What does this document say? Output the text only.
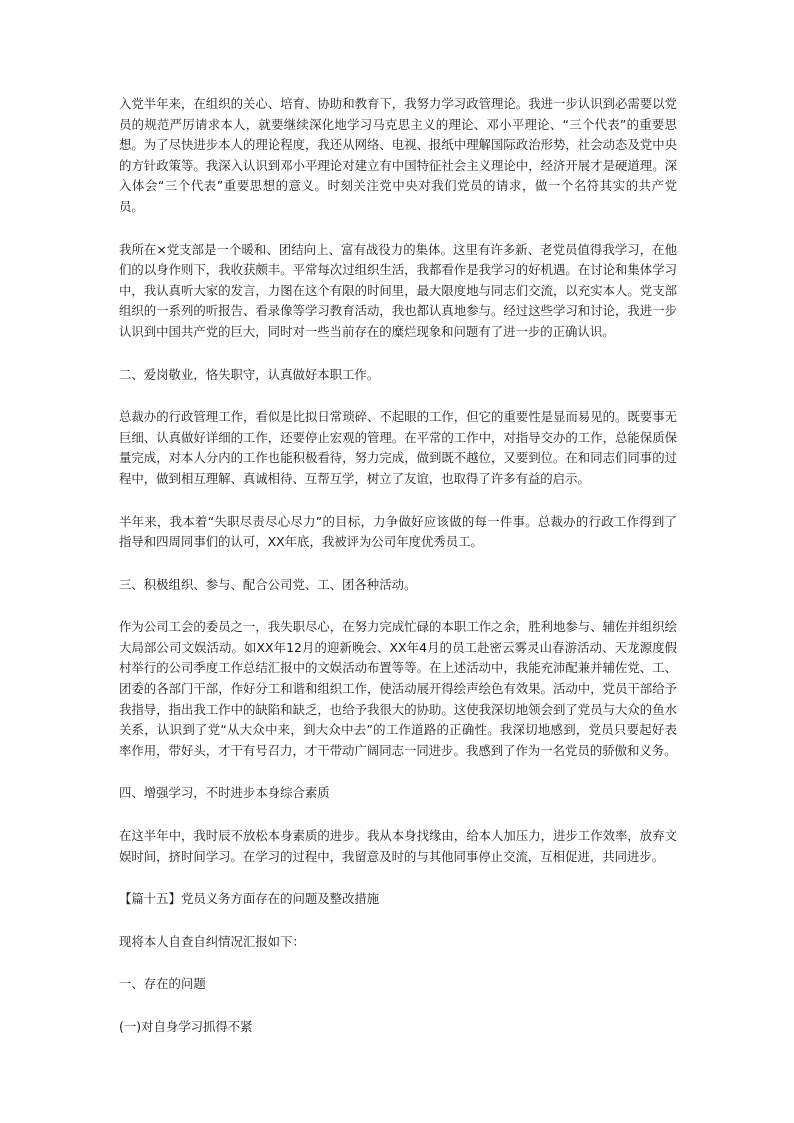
入党半年来，在组织的关心、培育、协助和教育下，我努力学习政管理论。我进一步认识到必需要以党员的规范严厉请求本人，就要继续深化地学习马克思主义的理论、邓小平理论、“三个代表”的重要思想。为了尽快进步本人的理论程度，我还从网络、电视、报纸中理解国际政治形势，社会动态及党中央的方针政策等。我深入认识到邓小平理论对建立有中国特征社会主义理论中，经济开展才是硬道理。深入体会“三个代表”重要思想的意义。时刻关注党中央对我们党员的请求，做一个名符其实的共产党员。

我所在×党支部是一个暖和、团结向上、富有战役力的集体。这里有许多新、老党员值得我学习，在他们的以身作则下，我收获颇丰。平常每次过组织生活，我都看作是我学习的好机遇。在讨论和集体学习中，我认真听大家的发言，力图在这个有限的时间里，最大限度地与同志们交流，以充实本人。党支部组织的一系列的听报告、看录像等学习教育活动，我也都认真地参与。经过这些学习和讨论，我进一步认识到中国共产党的巨大，同时对一些当前存在的糜烂现象和问题有了进一步的正确认识。

二、爱岗敬业，恪失职守，认真做好本职工作。

总裁办的行政管理工作，看似是比拟日常琐碎、不起眼的工作，但它的重要性是显而易见的。既要事无巨细、认真做好详细的工作，还要停止宏观的管理。在平常的工作中，对指导交办的工作，总能保质保量完成，对本人分内的工作也能积极看待，努力完成，做到既不越位，又要到位。在和同志们同事的过程中，做到相互理解、真诚相待、互帮互学，树立了友谊，也取得了许多有益的启示。

半年来，我本着“失职尽责尽心尽力”的目标，力争做好应该做的每一件事。总裁办的行政工作得到了指导和四周同事们的认可，XX年底，我被评为公司年度优秀员工。

三、积极组织、参与、配合公司党、工、团各种活动。

作为公司工会的委员之一，我失职尽心，在努力完成忙碌的本职工作之余，胜利地参与、辅佐并组织绘大局部公司文娱活动。如XX年12月的迎新晚会、XX年4月的员工赴密云雾灵山春游活动、天龙源度假村举行的公司季度工作总结汇报中的文娱活动布置等等。在上述活动中，我能充沛配兼并辅佐党、工、团委的各部门干部，作好分工和谐和组织工作，使活动展开得绘声绘色有效果。活动中，党员干部给予我指导，指出我工作中的缺陷和缺乏，也给予我很大的协助。这使我深切地领会到了党员与大众的鱼水关系，认识到了党“从大众中来，到大众中去”的工作道路的正确性。我深切地感到，党员只要起好表率作用，带好头，才干有号召力，才干带动广阔同志一同进步。我感到了作为一名党员的骄傲和义务。

四、增强学习，不时进步本身综合素质

在这半年中，我时辰不放松本身素质的进步。我从本身找缘由，给本人加压力，进步工作效率，放弃文娱时间，挤时间学习。在学习的过程中，我留意及时的与其他同事停止交流，互相促进，共同进步。

【篇十五】党员义务方面存在的问题及整改措施

现将本人自查自纠情况汇报如下：

一、存在的问题

(一)对自身学习抓得不紧
